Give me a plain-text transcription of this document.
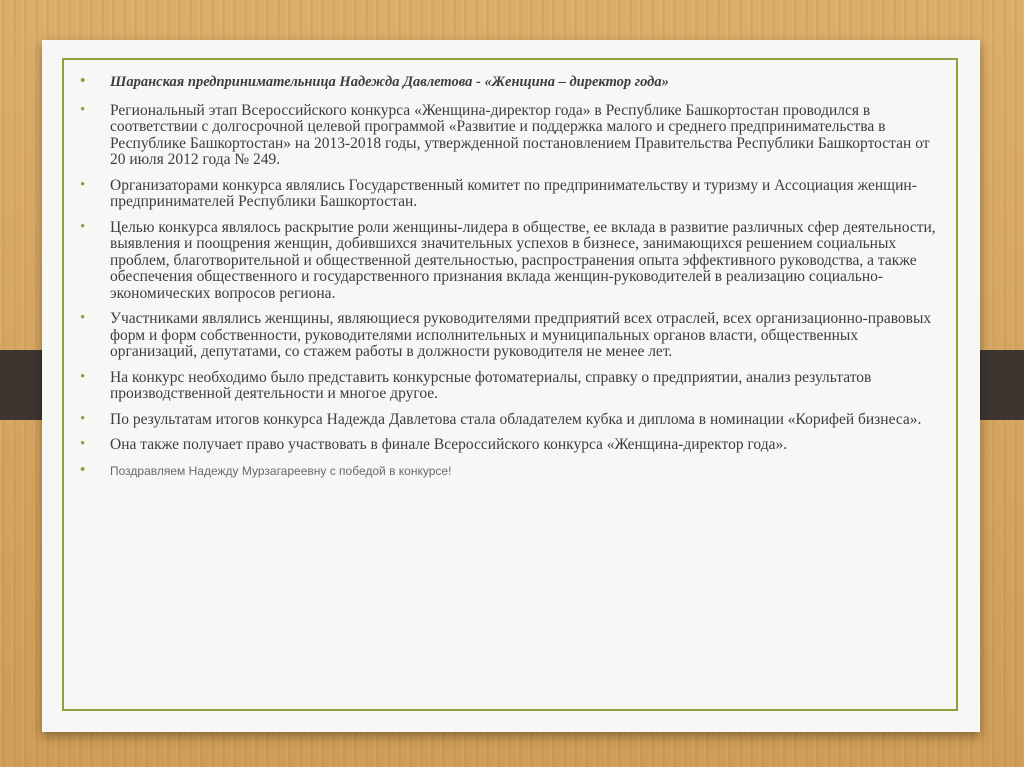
• Шаранская предпринимательница Надежда Давлетова - «Женщина – директор года»
• Региональный этап Всероссийского конкурса «Женщина-директор года» в Республике Башкортостан проводился в соответствии с долгосрочной целевой программой «Развитие и поддержка малого и среднего предпринимательства в Республике Башкортостан» на 2013-2018 годы, утвержденной постановлением Правительства Республики Башкортостан от 20 июля 2012 года № 249.
• Организаторами конкурса являлись Государственный комитет по предпринимательству и туризму и Ассоциация женщин-предпринимателей Республики Башкортостан.
• Целью конкурса являлось раскрытие роли женщины-лидера в обществе, ее вклада в развитие различных сфер деятельности, выявления и поощрения женщин, добившихся значительных успехов в бизнесе, занимающихся решением социальных проблем, благотворительной и общественной деятельностью, распространения опыта эффективного руководства, а также обеспечения общественного и государственного признания вклада женщин-руководителей в реализацию социально-экономических вопросов региона.
• Участниками являлись женщины, являющиеся руководителями предприятий всех отраслей, всех организационно-правовых форм и форм собственности, руководителями исполнительных и муниципальных органов власти, общественных организаций, депутатами, со стажем работы в должности руководителя не менее лет.
• На конкурс необходимо было представить конкурсные фотоматериалы, справку о предприятии, анализ результатов производственной деятельности и многое другое.
• По результатам итогов конкурса Надежда Давлетова стала обладателем кубка и диплома в номинации «Корифей бизнеса».
• Она также получает право участвовать в финале Всероссийского конкурса «Женщина-директор года».
• Поздравляем Надежду Мурзагареевну с победой в конкурсе!
